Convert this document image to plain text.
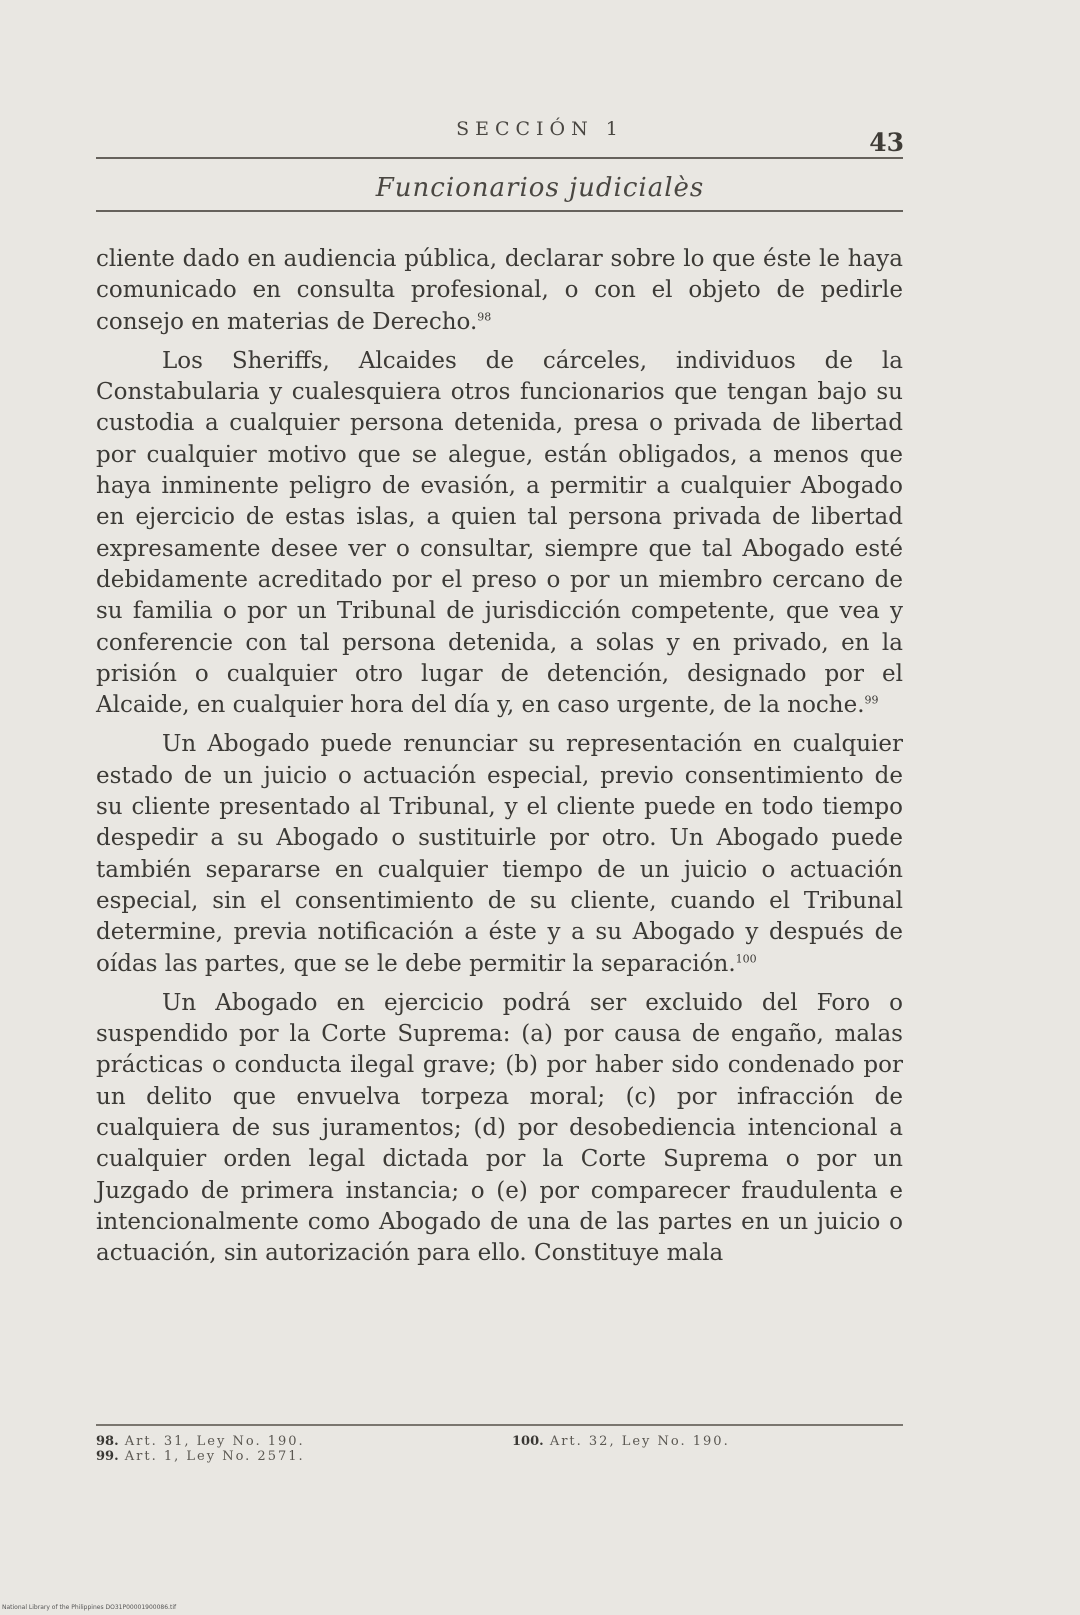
SECCIÓN 1	43
Funcionarios judicialès

cliente dado en audiencia pública, declarar sobre lo que éste le haya comunicado en consulta profesional, o con el objeto de pedirle consejo en materias de Derecho.$^{98}$

Los Sheriffs, Alcaides de cárceles, individuos de la Constabularia y cualesquiera otros funcionarios que tengan bajo su custodia a cualquier persona detenida, presa o privada de libertad por cualquier motivo que se alegue, están obligados, a menos que haya inminente peligro de evasión, a permitir a cualquier Abogado en ejercicio de estas islas, a quien tal persona privada de libertad expresamente desee ver o consultar, siempre que tal Abogado esté debidamente acreditado por el preso o por un miembro cercano de su familia o por un Tribunal de jurisdicción competente, que vea y conferencie con tal persona detenida, a solas y en privado, en la prisión o cualquier otro lugar de detención, designado por el Alcaide, en cualquier hora del día y, en caso urgente, de la noche.$^{99}$

Un Abogado puede renunciar su representación en cualquier estado de un juicio o actuación especial, previo consentimiento de su cliente presentado al Tribunal, y el cliente puede en todo tiempo despedir a su Abogado o sustituirle por otro. Un Abogado puede también separarse en cualquier tiempo de un juicio o actuación especial, sin el consentimiento de su cliente, cuando el Tribunal determine, previa notificación a éste y a su Abogado y después de oídas las partes, que se le debe permitir la separación.$^{100}$

Un Abogado en ejercicio podrá ser excluido del Foro o suspendido por la Corte Suprema: (a) por causa de engaño, malas prácticas o conducta ilegal grave; (b) por haber sido condenado por un delito que envuelva torpeza moral; (c) por infracción de cualquiera de sus juramentos; (d) por desobediencia intencional a cualquier orden legal dictada por la Corte Suprema o por un Juzgado de primera instancia; o (e) por comparecer fraudulenta e intencionalmente como Abogado de una de las partes en un juicio o actuación, sin autorización para ello. Constituye mala

98. Art. 31, Ley No. 190.
99. Art. 1, Ley No. 2571.
100. Art. 32, Ley No. 190.
National Library of the Philippines DO31P00001900086.tif
